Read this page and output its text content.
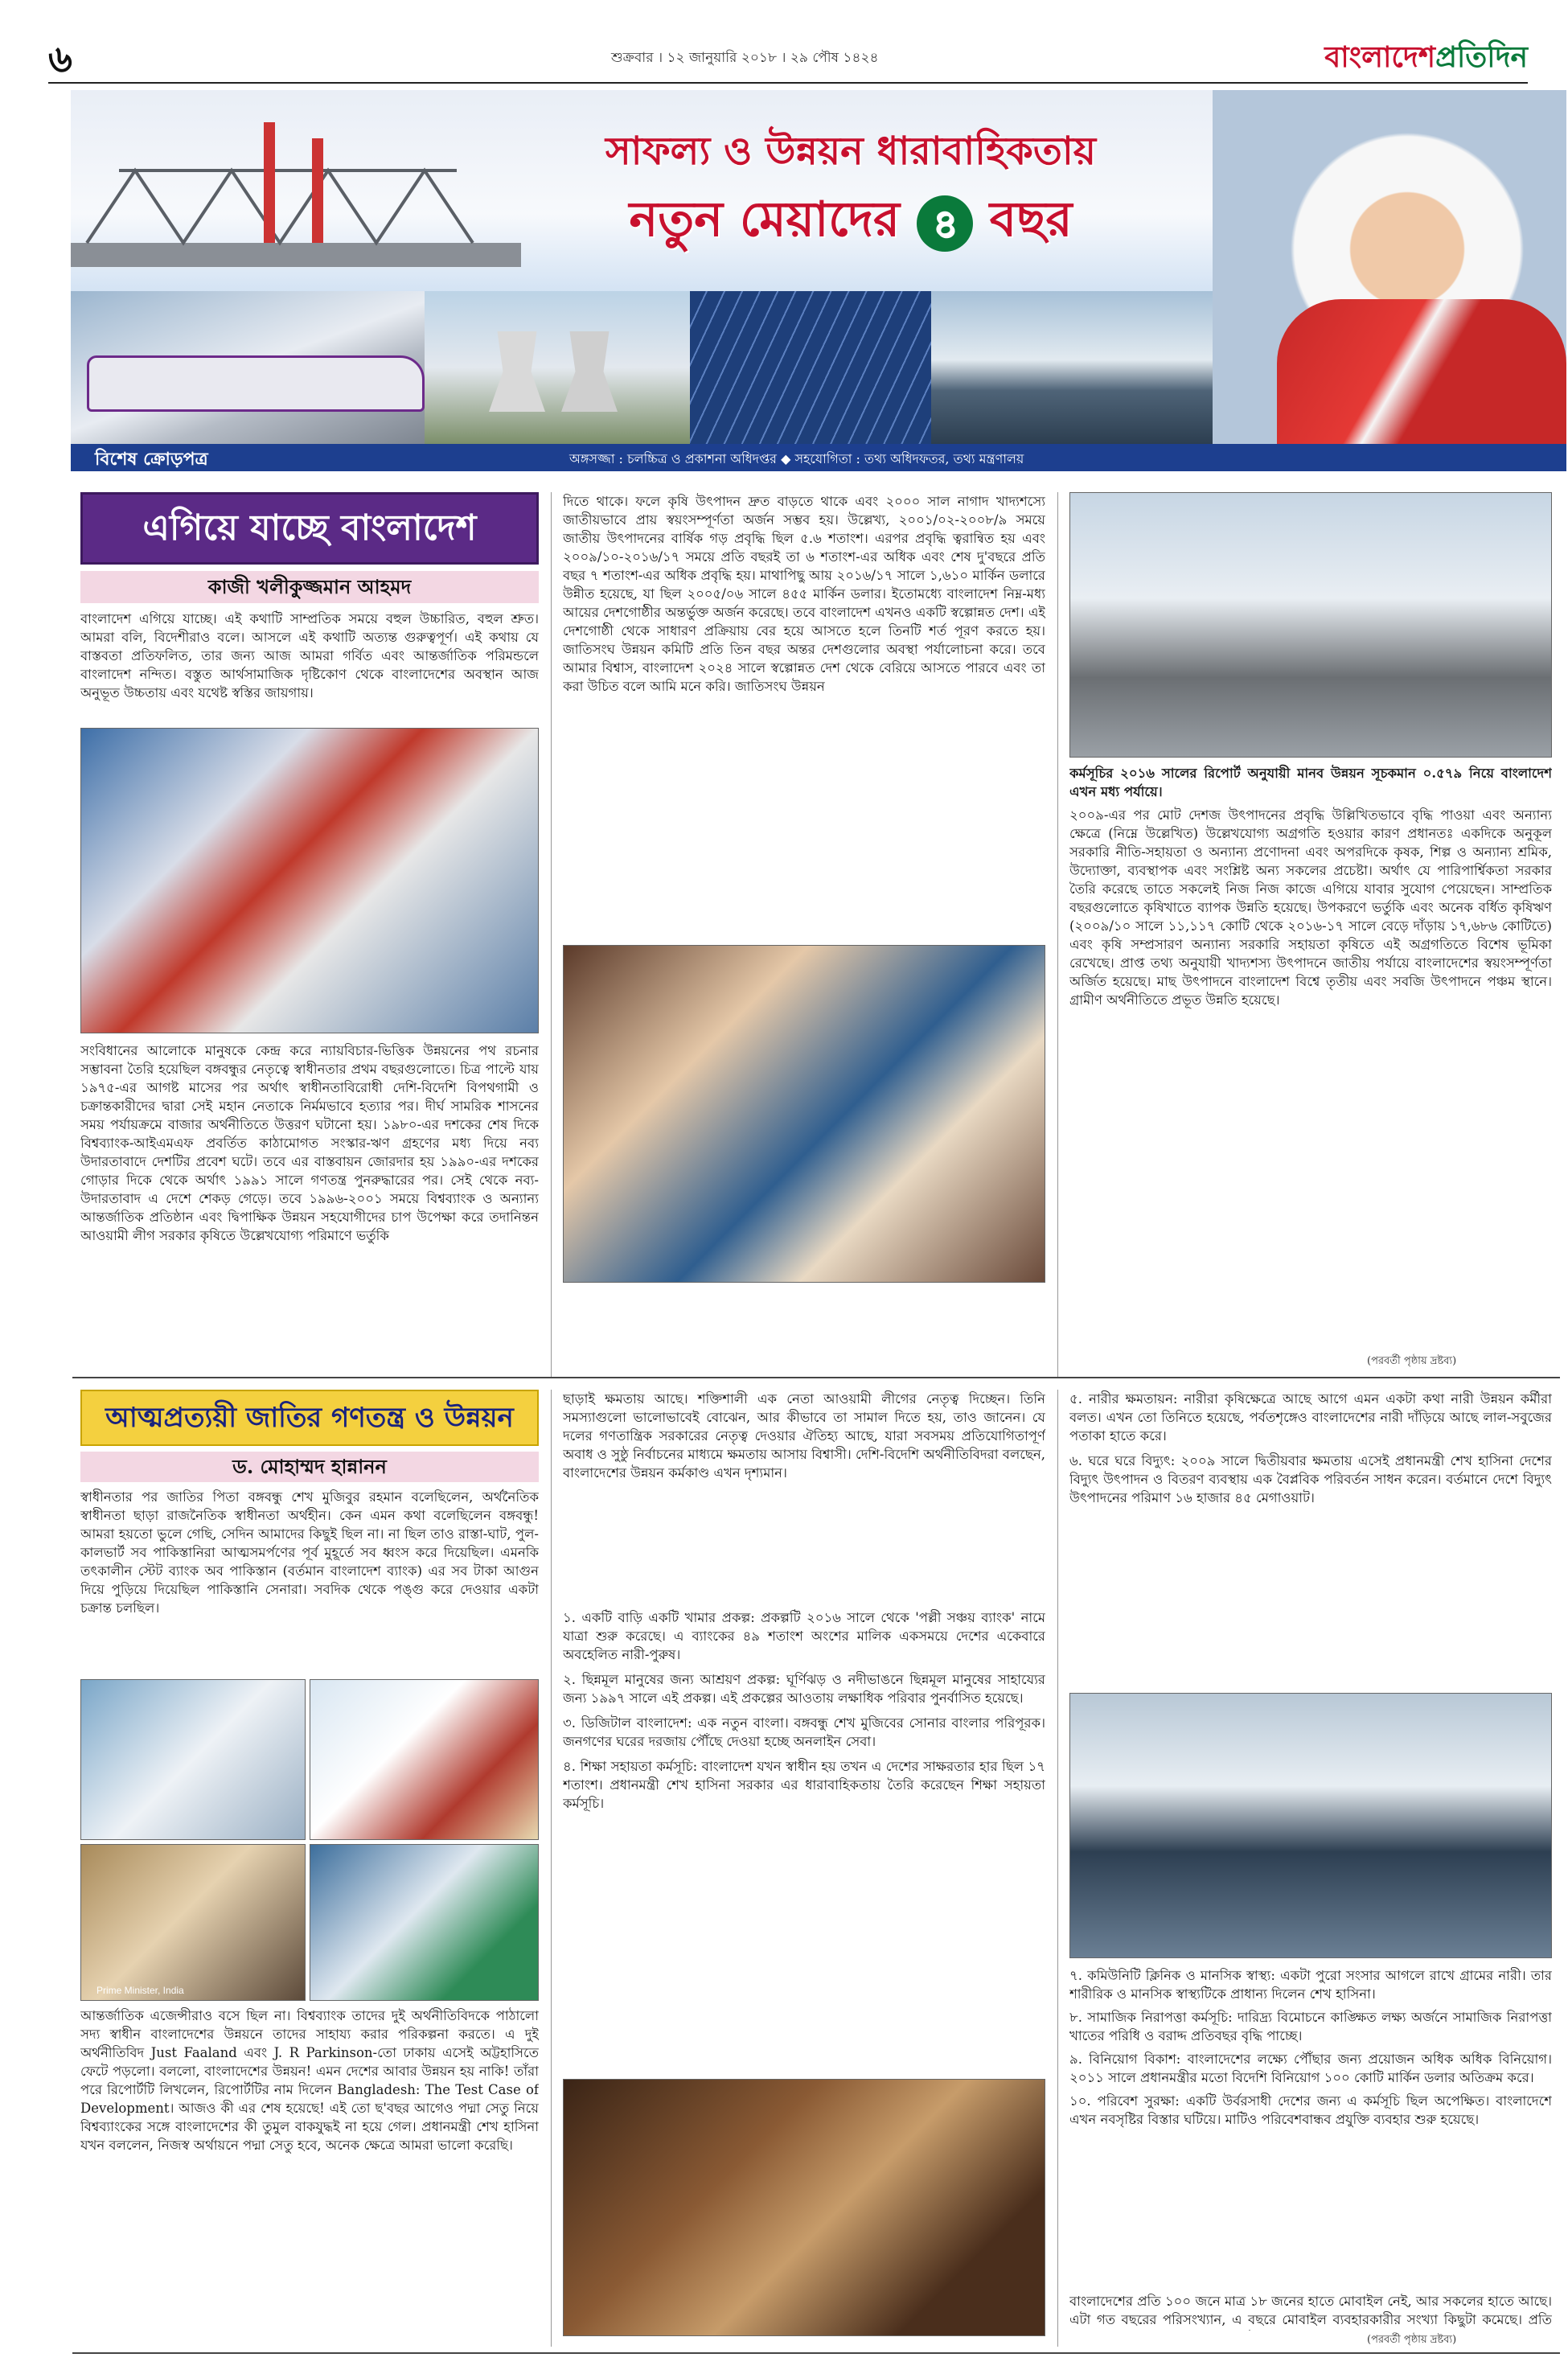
৬	শুক্রবার । ১২ জানুয়ারি ২০১৮ । ২৯ পৌষ ১৪২৪	বাংলাদেশপ্রতিদিন
সাফল্য ও উন্নয়ন ধারাবাহিকতায়
নতুন মেয়াদের ৪ বছর
বিশেষ ক্রোড়পত্র	অঙ্গসজ্জা : চলচ্চিত্র ও প্রকাশনা অধিদপ্তর ◆ সহযোগিতা : তথ্য অধিদফতর, তথ্য মন্ত্রণালয়
এগিয়ে যাচ্ছে বাংলাদেশ
কাজী খলীকুজ্জমান আহমদ
বাংলাদেশ এগিয়ে যাচ্ছে। এই কথাটি সাম্প্রতিক সময়ে বহুল উচ্চারিত, বহুল শ্রুত। আমরা বলি, বিদেশীরাও বলে। আসলে এই কথাটি অত্যন্ত গুরুত্বপূর্ণ। এই কথায় যে বাস্তবতা প্রতিফলিত, তার জন্য আজ আমরা গর্বিত এবং আন্তর্জাতিক পরিমন্ডলে বাংলাদেশ নন্দিত। বস্তুত আর্থসামাজিক দৃষ্টিকোণ থেকে বাংলাদেশের অবস্থান আজ অনুভূত উচ্চতায় এবং যথেষ্ট স্বস্তির জায়গায়।
সংবিধানের আলোকে মানুষকে কেন্দ্র করে ন্যায়বিচার-ভিত্তিক উন্নয়নের পথ রচনার সম্ভাবনা তৈরি হয়েছিল বঙ্গবন্ধুর নেতৃত্বে স্বাধীনতার প্রথম বছরগুলোতে। চিত্র পাল্টে যায় ১৯৭৫-এর আগষ্ট মাসের পর অর্থাৎ স্বাধীনতাবিরোধী দেশি-বিদেশি বিপথগামী ও চক্রান্তকারীদের দ্বারা সেই মহান নেতাকে নির্মমভাবে হত্যার পর। দীর্ঘ সামরিক শাসনের সময় পর্যায়ক্রমে বাজার অর্থনীতিতে উত্তরণ ঘটানো হয়। ১৯৮০-এর দশকের শেষ দিকে বিশ্বব্যাংক-আইএমএফ প্রবর্তিত কাঠামোগত সংস্কার-ঋণ গ্রহণের মধ্য দিয়ে নব্য উদারতাবাদে দেশটির প্রবেশ ঘটে। তবে এর বাস্তবায়ন জোরদার হয় ১৯৯০-এর দশকের গোড়ার দিকে থেকে অর্থাৎ ১৯৯১ সালে গণতন্ত্র পুনরুদ্ধারের পর। সেই থেকে নব্য-উদারতাবাদ এ দেশে শেকড় গেড়ে। তবে ১৯৯৬-২০০১ সময়ে বিশ্বব্যাংক ও অন্যান্য আন্তর্জাতিক প্রতিষ্ঠান এবং দ্বিপাক্ষিক উন্নয়ন সহযোগীদের চাপ উপেক্ষা করে তদানিন্তন আওয়ামী লীগ সরকার কৃষিতে উল্লেখযোগ্য পরিমাণে ভর্তুকি
দিতে থাকে। ফলে কৃষি উৎপাদন দ্রুত বাড়তে থাকে এবং ২০০০ সাল নাগাদ খাদ্যশস্যে জাতীয়ভাবে প্রায় স্বয়ংসম্পূর্ণতা অর্জন সম্ভব হয়। উল্লেখ্য, ২০০১/০২-২০০৮/৯ সময়ে জাতীয় উৎপাদনের বার্ষিক গড় প্রবৃদ্ধি ছিল ৫.৬ শতাংশ। এরপর প্রবৃদ্ধি ত্বরান্বিত হয় এবং ২০০৯/১০-২০১৬/১৭ সময়ে প্রতি বছরই তা ৬ শতাংশ-এর অধিক এবং শেষ দু'বছরে প্রতি বছর ৭ শতাংশ-এর অধিক প্রবৃদ্ধি হয়। মাথাপিছু আয় ২০১৬/১৭ সালে ১,৬১০ মার্কিন ডলারে উন্নীত হয়েছে, যা ছিল ২০০৫/০৬ সালে ৪৫৫ মার্কিন ডলার। ইতোমধ্যে বাংলাদেশ নিম্ন-মধ্য আয়ের দেশগোষ্ঠীর অন্তর্ভুক্ত অর্জন করেছে। তবে বাংলাদেশ এখনও একটি স্বল্পোন্নত দেশ। এই দেশগোষ্ঠী থেকে সাধারণ প্রক্রিয়ায় বের হয়ে আসতে হলে তিনটি শর্ত পূরণ করতে হয়। জাতিসংঘ উন্নয়ন কমিটি প্রতি তিন বছর অন্তর দেশগুলোর অবস্থা পর্যালোচনা করে। তবে আমার বিশ্বাস, বাংলাদেশ ২০২৪ সালে স্বল্পোন্নত দেশ থেকে বেরিয়ে আসতে পারবে এবং তা করা উচিত বলে আমি মনে করি। জাতিসংঘ উন্নয়ন
কর্মসূচির ২০১৬ সালের রিপোর্ট অনুযায়ী মানব উন্নয়ন সূচকমান ০.৫৭৯ নিয়ে বাংলাদেশ এখন মধ্য পর্যায়ে।
২০০৯-এর পর মোট দেশজ উৎপাদনের প্রবৃদ্ধি উল্লিখিতভাবে বৃদ্ধি পাওয়া এবং অন্যান্য ক্ষেত্রে (নিম্নে উল্লেখিত) উল্লেখযোগ্য অগ্রগতি হওয়ার কারণ প্রধানতঃ একদিকে অনুকূল সরকারি নীতি-সহায়তা ও অন্যান্য প্রণোদনা এবং অপরদিকে কৃষক, শিল্প ও অন্যান্য শ্রমিক, উদ্যোক্তা, ব্যবস্থাপক এবং সংশ্লিষ্ট অন্য সকলের প্রচেষ্টা। অর্থাৎ যে পারিপার্শ্বিকতা সরকার তৈরি করেছে তাতে সকলেই নিজ নিজ কাজে এগিয়ে যাবার সুযোগ পেয়েছেন। সাম্প্রতিক বছরগুলোতে কৃষিখাতে ব্যাপক উন্নতি হয়েছে। উপকরণে ভর্তুকি এবং অনেক বর্ধিত কৃষিঋণ (২০০৯/১০ সালে ১১,১১৭ কোটি থেকে ২০১৬-১৭ সালে বেড়ে দাঁড়ায় ১৭,৬৮৬ কোটিতে) এবং কৃষি সম্প্রসারণ অন্যান্য সরকারি সহায়তা কৃষিতে এই অগ্রগতিতে বিশেষ ভূমিকা রেখেছে। প্রাপ্ত তথ্য অনুযায়ী খাদ্যশস্য উৎপাদনে জাতীয় পর্যায়ে বাংলাদেশের স্বয়ংসম্পূর্ণতা অর্জিত হয়েছে। মাছ উৎপাদনে বাংলাদেশ বিশ্বে তৃতীয় এবং সবজি উৎপাদনে পঞ্চম স্থানে। গ্রামীণ অর্থনীতিতে প্রভূত উন্নতি হয়েছে।
(পরবর্তী পৃষ্ঠায় দ্রষ্টব্য)
আত্মপ্রত্যয়ী জাতির গণতন্ত্র ও উন্নয়ন
ড. মোহাম্মদ হান্নানন
স্বাধীনতার পর জাতির পিতা বঙ্গবন্ধু শেখ মুজিবুর রহমান বলেছিলেন, অর্থনৈতিক স্বাধীনতা ছাড়া রাজনৈতিক স্বাধীনতা অর্থহীন। কেন এমন কথা বলেছিলেন বঙ্গবন্ধু! আমরা হয়তো ভুলে গেছি, সেদিন আমাদের কিছুই ছিল না। না ছিল তাও রাস্তা-ঘাট, পুল-কালভার্ট সব পাকিস্তানিরা আত্মসমর্পণের পূর্ব মুহূর্তে সব ধ্বংস করে দিয়েছিল। এমনকি তৎকালীন স্টেট ব্যাংক অব পাকিস্তান (বর্তমান বাংলাদেশ ব্যাংক) এর সব টাকা আগুন দিয়ে পুড়িয়ে দিয়েছিল পাকিস্তানি সেনারা। সবদিক থেকে পঙ্গু করে দেওয়ার একটা চক্রান্ত চলছিল।
Prime Minister, India
আন্তর্জাতিক এজেন্সীরাও বসে ছিল না। বিশ্বব্যাংক তাদের দুই অর্থনীতিবিদকে পাঠালো সদ্য স্বাধীন বাংলাদেশের উন্নয়নে তাদের সাহায্য করার পরিকল্পনা করতে। এ দুই অর্থনীতিবিদ Just Faaland এবং J. R Parkinson-তো ঢাকায় এসেই অট্টহাসিতে ফেটে পড়লো। বললো, বাংলাদেশের উন্নয়ন! এমন দেশের আবার উন্নয়ন হয় নাকি! তাঁরা পরে রিপোর্টটি লিখলেন, রিপোর্টটির নাম দিলেন Bangladesh: The Test Case of Development। আজও কী এর শেষ হয়েছে! এই তো ছ'বছর আগেও পদ্মা সেতু নিয়ে বিশ্বব্যাংকের সঙ্গে বাংলাদেশের কী তুমুল বাকযুদ্ধই না হয়ে গেল। প্রধানমন্ত্রী শেখ হাসিনা যখন বললেন, নিজস্ব অর্থায়নে পদ্মা সেতু হবে, অনেক ক্ষেত্রে আমরা ভালো করেছি।
ছাড়াই ক্ষমতায় আছে। শক্তিশালী এক নেতা আওয়ামী লীগের নেতৃত্ব দিচ্ছেন। তিনি সমস্যাগুলো ভালোভাবেই বোঝেন, আর কীভাবে তা সামাল দিতে হয়, তাও জানেন। যে দলের গণতান্ত্রিক সরকারের নেতৃত্ব দেওয়ার ঐতিহ্য আছে, যারা সবসময় প্রতিযোগিতাপূর্ণ অবাধ ও সুষ্ঠু নির্বাচনের মাধ্যমে ক্ষমতায় আসায় বিশ্বাসী। দেশি-বিদেশি অর্থনীতিবিদরা বলছেন, বাংলাদেশের উন্নয়ন কর্মকাণ্ড এখন দৃশ্যমান।
১. একটি বাড়ি একটি খামার প্রকল্প: প্রকল্পটি ২০১৬ সালে থেকে 'পল্লী সঞ্চয় ব্যাংক' নামে যাত্রা শুরু করেছে। এ ব্যাংকের ৪৯ শতাংশ অংশের মালিক একসময়ে দেশের একেবারে অবহেলিত নারী-পুরুষ।
২. ছিন্নমূল মানুষের জন্য আশ্রয়ণ প্রকল্প: ঘূর্ণিঝড় ও নদীভাঙনে ছিন্নমূল মানুষের সাহায্যের জন্য ১৯৯৭ সালে এই প্রকল্প। এই প্রকল্পের আওতায় লক্ষাধিক পরিবার পুনর্বাসিত হয়েছে।
৩. ডিজিটাল বাংলাদেশ: এক নতুন বাংলা। বঙ্গবন্ধু শেখ মুজিবের সোনার বাংলার পরিপূরক। জনগণের ঘরের দরজায় পৌঁছে দেওয়া হচ্ছে অনলাইন সেবা।
৪. শিক্ষা সহায়তা কর্মসূচি: বাংলাদেশ যখন স্বাধীন হয় তখন এ দেশের সাক্ষরতার হার ছিল ১৭ শতাংশ। প্রধানমন্ত্রী শেখ হাসিনা সরকার এর ধারাবাহিকতায় তৈরি করেছেন শিক্ষা সহায়তা কর্মসূচি।
৫. নারীর ক্ষমতায়ন: নারীরা কৃষিক্ষেত্রে আছে আগে এমন একটা কথা নারী উন্নয়ন কর্মীরা বলত। এখন তো তিনিতে হয়েছে, পর্বতশৃঙ্গেও বাংলাদেশের নারী দাঁড়িয়ে আছে লাল-সবুজের পতাকা হাতে করে।
৬. ঘরে ঘরে বিদ্যুৎ: ২০০৯ সালে দ্বিতীয়বার ক্ষমতায় এসেই প্রধানমন্ত্রী শেখ হাসিনা দেশের বিদ্যুৎ উৎপাদন ও বিতরণ ব্যবস্থায় এক বৈপ্লবিক পরিবর্তন সাধন করেন। বর্তমানে দেশে বিদ্যুৎ উৎপাদনের পরিমাণ ১৬ হাজার ৪৫ মেগাওয়াট।
৭. কমিউনিটি ক্লিনিক ও মানসিক স্বাস্থ্য: একটা পুরো সংসার আগলে রাখে গ্রামের নারী। তার শারীরিক ও মানসিক স্বাস্থ্যটিকে প্রাধান্য দিলেন শেখ হাসিনা।
৮. সামাজিক নিরাপত্তা কর্মসূচি: দারিদ্র্য বিমোচনে কাঙ্ক্ষিত লক্ষ্য অর্জনে সামাজিক নিরাপত্তা খাতের পরিধি ও বরাদ্দ প্রতিবছর বৃদ্ধি পাচ্ছে।
৯. বিনিয়োগ বিকাশ: বাংলাদেশের লক্ষ্যে পৌঁছার জন্য প্রয়োজন অধিক অধিক বিনিয়োগ। ২০১১ সালে প্রধানমন্ত্রীর মতো বিদেশি বিনিয়োগ ১০০ কোটি মার্কিন ডলার অতিক্রম করে।
১০. পরিবেশ সুরক্ষা: একটি উর্বরসাধী দেশের জন্য এ কর্মসূচি ছিল অপেক্ষিত। বাংলাদেশে এখন নবসৃষ্টির বিস্তার ঘটিয়ে। মাটিও পরিবেশবান্ধব প্রযুক্তি ব্যবহার শুরু হয়েছে।
বাংলাদেশের প্রতি ১০০ জনে মাত্র ১৮ জনের হাতে মোবাইল নেই, আর সকলের হাতে আছে। এটা গত বছরের পরিসংখ্যান, এ বছরে মোবাইল ব্যবহারকারীর সংখ্যা কিছুটা কমেছে। প্রতি
(পরবর্তী পৃষ্ঠায় দ্রষ্টব্য)
